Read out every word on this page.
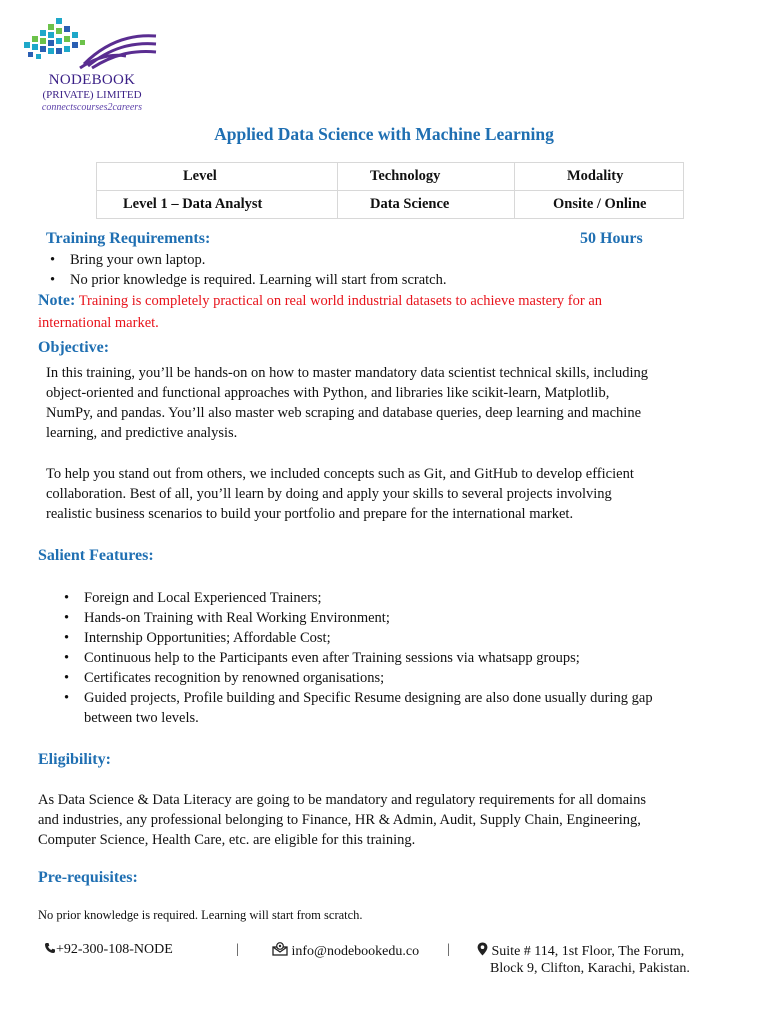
NODEBOOK
(PRIVATE) LIMITED
connectscourses2careers
Applied Data Science with Machine Learning
Level	Technology	Modality
Level 1 – Data Analyst	Data Science	Onsite / Online
Training Requirements:	50 Hours
• Bring your own laptop.
• No prior knowledge is required. Learning will start from scratch.
Note: Training is completely practical on real world industrial datasets to achieve mastery for an
international market.
Objective:
In this training, you’ll be hands-on on how to master mandatory data scientist technical skills, including
object-oriented and functional approaches with Python, and libraries like scikit-learn, Matplotlib,
NumPy, and pandas. You’ll also master web scraping and database queries, deep learning and machine
learning, and predictive analysis.
To help you stand out from others, we included concepts such as Git, and GitHub to develop efficient
collaboration. Best of all, you’ll learn by doing and apply your skills to several projects involving
realistic business scenarios to build your portfolio and prepare for the international market.
Salient Features:
• Foreign and Local Experienced Trainers;
• Hands-on Training with Real Working Environment;
• Internship Opportunities; Affordable Cost;
• Continuous help to the Participants even after Training sessions via whatsapp groups;
• Certificates recognition by renowned organisations;
• Guided projects, Profile building and Specific Resume designing are also done usually during gap
between two levels.
Eligibility:
As Data Science & Data Literacy are going to be mandatory and regulatory requirements for all domains
and industries, any professional belonging to Finance, HR & Admin, Audit, Supply Chain, Engineering,
Computer Science, Health Care, etc. are eligible for this training.
Pre-requisites:
No prior knowledge is required. Learning will start from scratch.
+92-300-108-NODE	|	info@nodebookedu.co |	Suite # 114, 1st Floor, The Forum,
Block 9, Clifton, Karachi, Pakistan.
